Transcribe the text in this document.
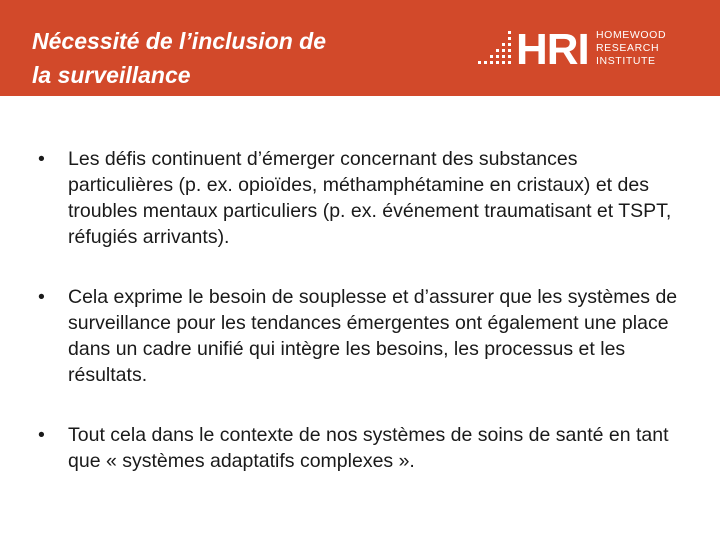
Nécessité de l’inclusion de
la surveillance
HRI HOMEWOOD
RESEARCH
INSTITUTE
• Les défis continuent d’émerger concernant des substances particulières (p. ex. opioïdes, méthamphétamine en cristaux) et des troubles mentaux particuliers (p. ex. événement traumatisant et TSPT, réfugiés arrivants).
• Cela exprime le besoin de souplesse et d’assurer que les systèmes de surveillance pour les tendances émergentes ont également une place dans un cadre unifié qui intègre les besoins, les processus et les résultats.
• Tout cela dans le contexte de nos systèmes de soins de santé en tant que « systèmes adaptatifs complexes ».
